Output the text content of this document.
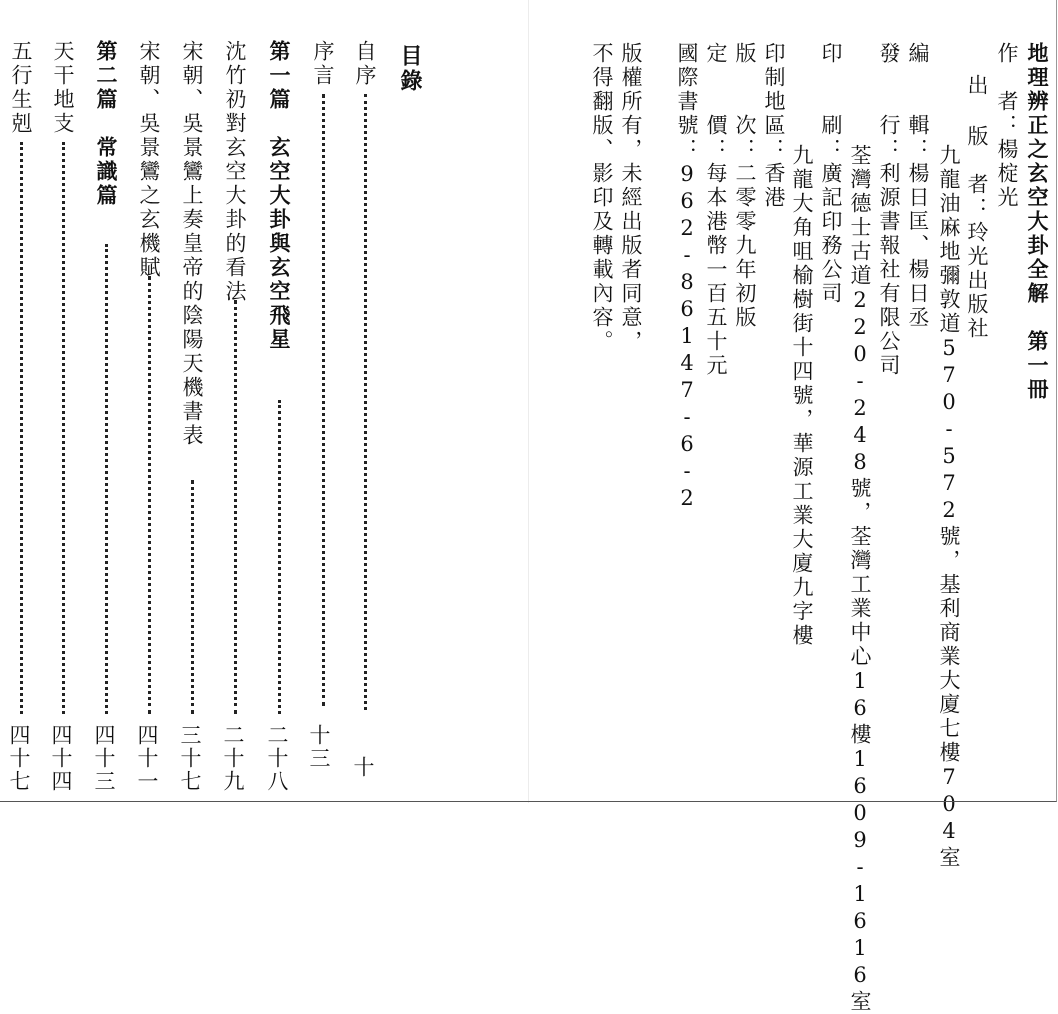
地理辨正之玄空大卦全解　第一冊
作　者：楊椗光
出 版　者：玲光出版社
九龍油麻地彌敦道570-572號，基利商業大廈七樓704室
編　　輯：楊日匡、楊日丞
發　　行：利源書報社有限公司
荃灣德士古道220-248號，荃灣工業中心16樓1609-1616室
印　　刷：廣記印務公司
九龍大角咀榆樹街十四號，華源工業大廈九字樓
印制地區：香港
版　　次：二零零九年初版
定　　價：每本港幣一百五十元
國際書號：962-86147-6-2
版權所有，未經出版者同意，
不得翻版、影印及轉載內容。
目錄
自序
十
序言
十三
第一篇　玄空大卦與玄空飛星
二十八
沈竹礽對玄空大卦的看法
二十九
宋朝、吳景鸞上奏皇帝的陰陽天機書表
三十七
宋朝、吳景鸞之玄機賦
四十一
第二篇　常識篇
四十三
天干地支
四十四
五行生剋
四十七
